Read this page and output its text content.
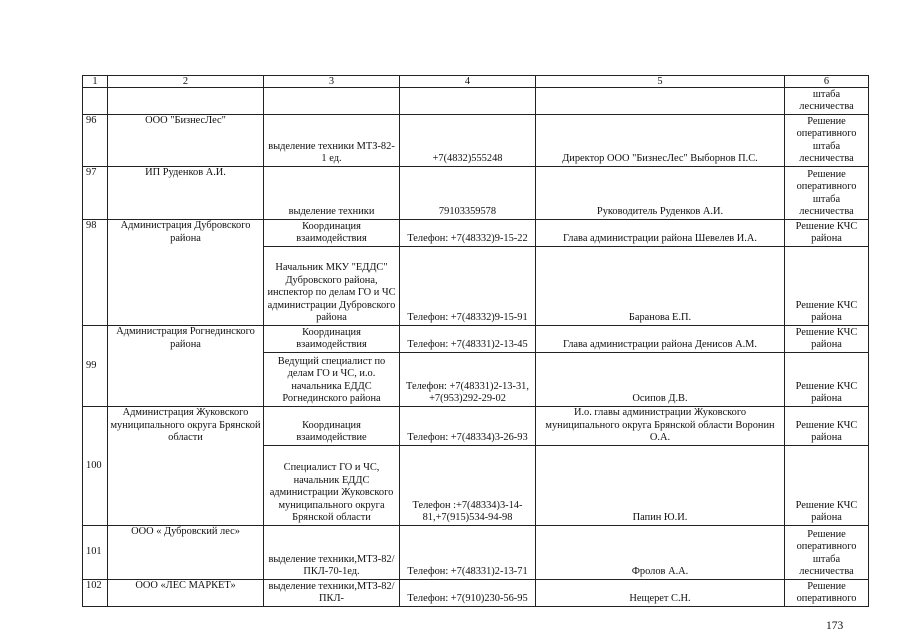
1	2	3	4	5	6
					штаба лесничества
96	ООО "БизнесЛес"	выделение техники МТЗ-82-1 ед.	+7(4832)555248	Директор ООО "БизнесЛес" Выборнов П.С.	Решение оперативного штаба лесничества
97	ИП Руденков А.И.	выделение техники	79103359578	Руководитель Руденков А.И.	Решение оперативного штаба лесничества
98	Администрация Дубровского района	Координация взаимодействия	Телефон: +7(48332)9-15-22	Глава администрации района Шевелев И.А.	Решение КЧС района
		Начальник МКУ "ЕДДС" Дубровского района, инспектор по делам ГО и ЧС администрации Дубровского района	Телефон: +7(48332)9-15-91	Баранова Е.П.	Решение КЧС района
99	Администрация Рогнединского района	Координация взаимодействия	Телефон: +7(48331)2-13-45	Глава администрации района Денисов А.М.	Решение КЧС района
		Ведущий специалист по делам ГО и ЧС, и.о. начальника ЕДДС Рогнединского района	Телефон: +7(48331)2-13-31, +7(953)292-29-02	Осипов Д.В.	Решение КЧС района
100	Администрация Жуковского муниципального округа Брянской области	Координация взаимодействие	Телефон: +7(48334)3-26-93	И.о. главы администрации Жуковского муниципального округа Брянской области Воронин О.А.	Решение КЧС района
		Специалист ГО и ЧС, начальник ЕДДС администрации Жуковского муниципального округа Брянской области	Телефон :+7(48334)3-14-81,+7(915)534-94-98	Папин Ю.И.	Решение КЧС района
101	ООО « Дубровский лес»	выделение техники,МТЗ-82/ПКЛ-70-1ед.	Телефон: +7(48331)2-13-71	Фролов А.А.	Решение оперативного штаба лесничества
102	ООО «ЛЕС МАРКЕТ»	выделение техники,МТЗ-82/ПКЛ-	Телефон: +7(910)230-56-95	Нещерет С.Н.	Решение оперативного
173
